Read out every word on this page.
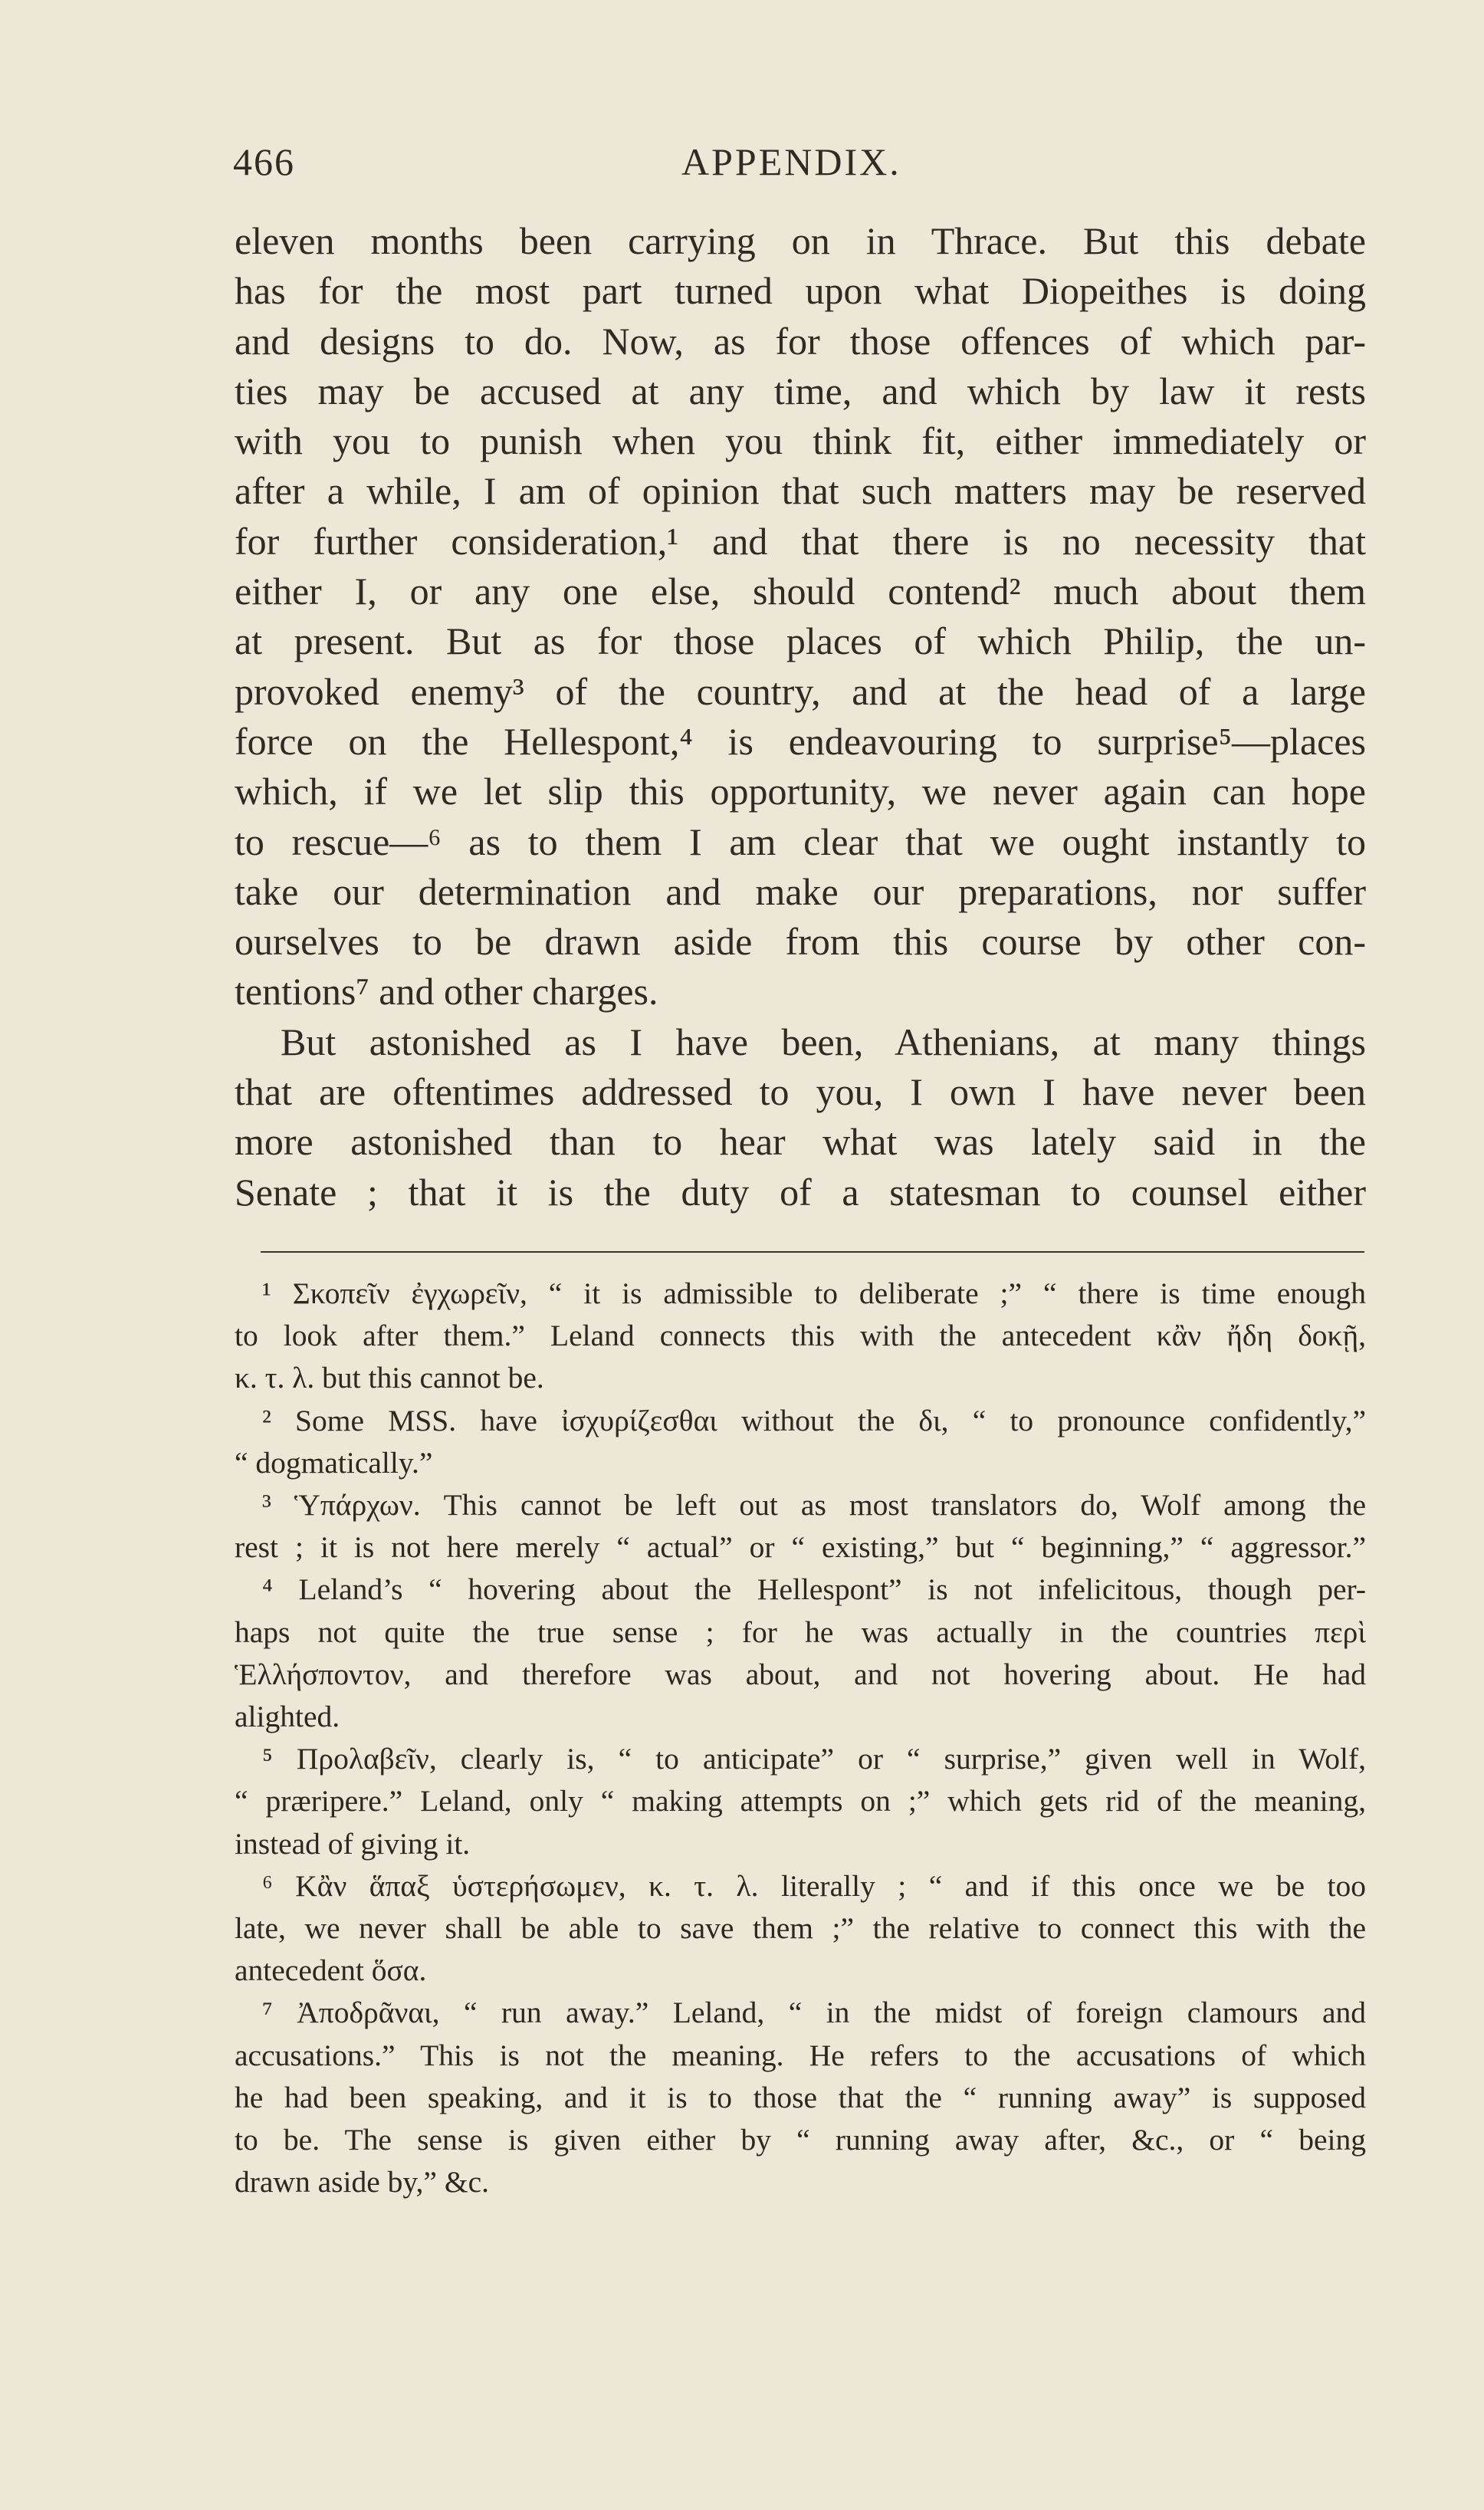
466	APPENDIX.

eleven months been carrying on in Thrace. But this debate

has for the most part turned upon what Diopeithes is doing

and designs to do. Now, as for those offences of which par-

ties may be accused at any time, and which by law it rests

with you to punish when you think fit, either immediately or

after a while, I am of opinion that such matters may be reserved

for further consideration,¹ and that there is no necessity that

either I, or any one else, should contend² much about them

at present. But as for those places of which Philip, the un-

provoked enemy³ of the country, and at the head of a large

force on the Hellespont,⁴ is endeavouring to surprise⁵—places

which, if we let slip this opportunity, we never again can hope

to rescue—⁶ as to them I am clear that we ought instantly to

take our determination and make our preparations, nor suffer

ourselves to be drawn aside from this course by other con-

tentions⁷ and other charges.

But astonished as I have been, Athenians, at many things

that are oftentimes addressed to you, I own I have never been

more astonished than to hear what was lately said in the

Senate ; that it is the duty of a statesman to counsel either

¹ Σκοπεῖν ἐγχωρεῖν, “ it is admissible to deliberate ;” “ there is time enough

to look after them.” Leland connects this with the antecedent κἂν ἤδη δοκῇ,

κ. τ. λ. but this cannot be.

² Some MSS. have ἰσχυρίζεσθαι without the δι, “ to pronounce confidently,”

“ dogmatically.”

³ Ὑπάρχων. This cannot be left out as most translators do, Wolf among the

rest ; it is not here merely “ actual” or “ existing,” but “ beginning,” “ aggressor.”

⁴ Leland’s “ hovering about the Hellespont” is not infelicitous, though per-

haps not quite the true sense ; for he was actually in the countries περὶ

Ἑλλήσποντον, and therefore was about, and not hovering about. He had

alighted.

⁵ Προλαβεῖν, clearly is, “ to anticipate” or “ surprise,” given well in Wolf,

“ præripere.” Leland, only “ making attempts on ;” which gets rid of the meaning,

instead of giving it.

⁶ Κἂν ἅπαξ ὑστερήσωμεν, κ. τ. λ. literally ; “ and if this once we be too

late, we never shall be able to save them ;” the relative to connect this with the

antecedent ὅσα.

⁷ Ἀποδρᾶναι, “ run away.” Leland, “ in the midst of foreign clamours and

accusations.” This is not the meaning. He refers to the accusations of which

he had been speaking, and it is to those that the “ running away” is supposed

to be. The sense is given either by “ running away after, &c., or “ being

drawn aside by,” &c.
